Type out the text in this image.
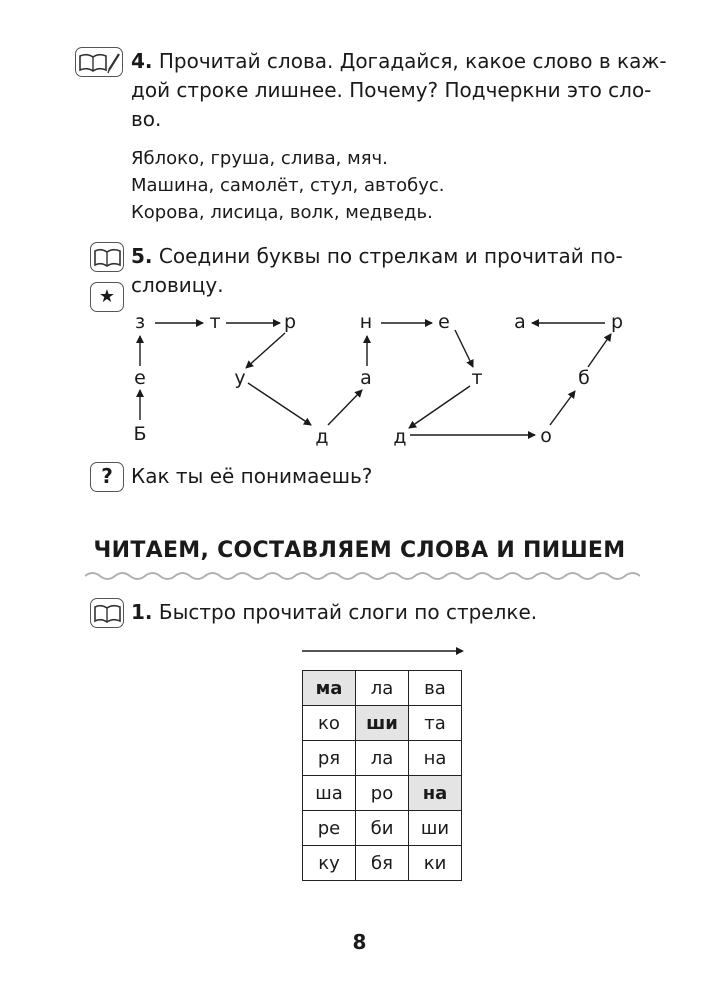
4. Прочитай слова. Догадайся, какое слово в каж-
дой строке лишнее. Почему? Подчеркни это сло-
во.
Яблоко, груша, слива, мяч.
Машина, самолёт, стул, автобус.
Корова, лисица, волк, медведь.
★
5. Соедини буквы по стрелкам и прочитай по-
словицу.
з	т	р
е	у
Б	д
а
н	е
т
д	о
б
а	р
? Как ты её понимаешь?
ЧИТАЕМ, СОСТАВЛЯЕМ СЛОВА И ПИШЕМ
1. Быстро прочитай слоги по стрелке.
ма	ла	ва
ко	ши	та
ря	ла	на
ша	ро	на
ре	би	ши
ку	бя	ки
8
